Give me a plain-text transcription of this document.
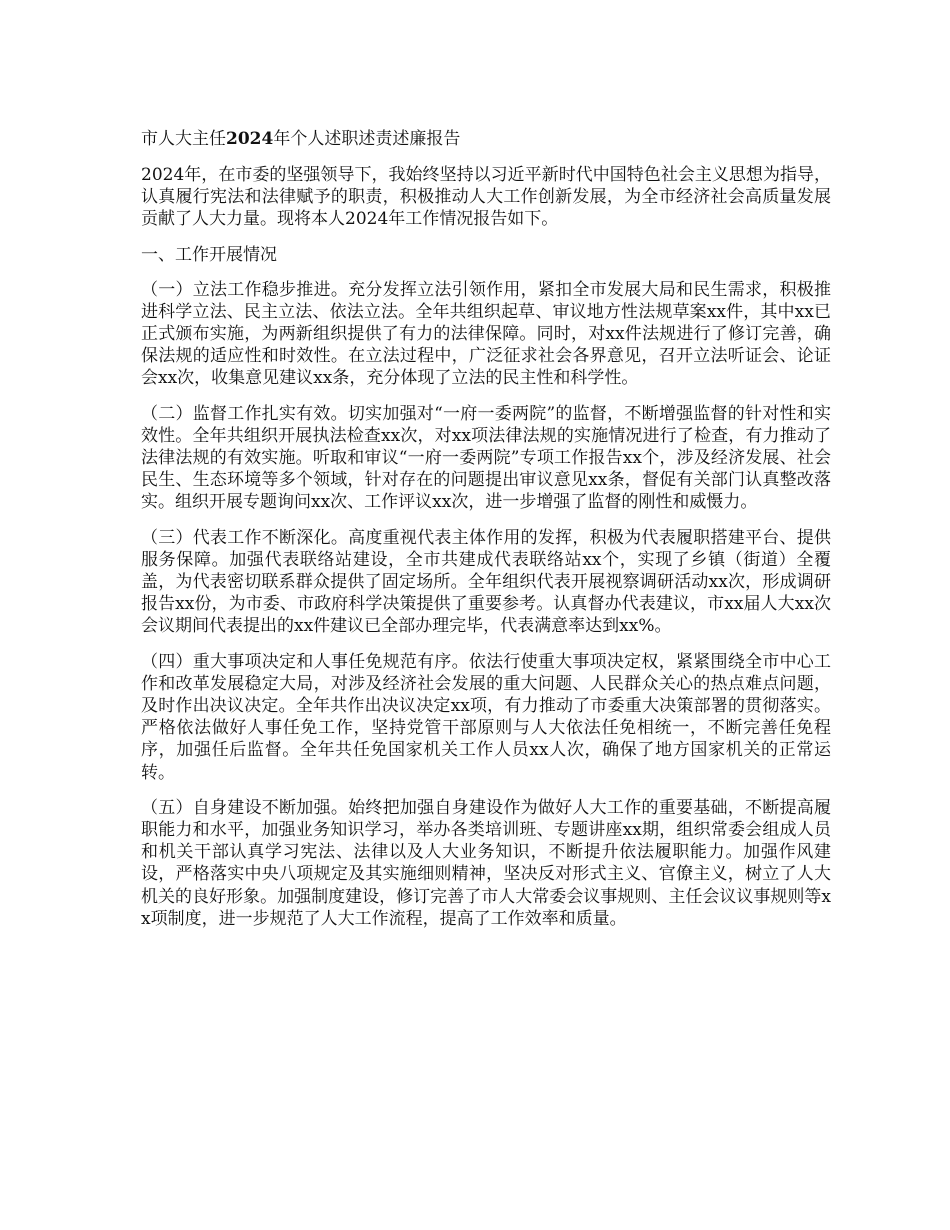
市人大主任2024年个人述职述责述廉报告

2024年，在市委的坚强领导下，我始终坚持以习近平新时代中国特色社会主义思想为指导，认真履行宪法和法律赋予的职责，积极推动人大工作创新发展，为全市经济社会高质量发展贡献了人大力量。现将本人2024年工作情况报告如下。

一、工作开展情况

（一）立法工作稳步推进。充分发挥立法引领作用，紧扣全市发展大局和民生需求，积极推进科学立法、民主立法、依法立法。全年共组织起草、审议地方性法规草案xx件，其中xx已正式颁布实施，为两新组织提供了有力的法律保障。同时，对xx件法规进行了修订完善，确保法规的适应性和时效性。在立法过程中，广泛征求社会各界意见，召开立法听证会、论证会xx次，收集意见建议xx条，充分体现了立法的民主性和科学性。

（二）监督工作扎实有效。切实加强对“一府一委两院”的监督，不断增强监督的针对性和实效性。全年共组织开展执法检查xx次，对xx项法律法规的实施情况进行了检查，有力推动了法律法规的有效实施。听取和审议“一府一委两院”专项工作报告xx个，涉及经济发展、社会民生、生态环境等多个领域，针对存在的问题提出审议意见xx条，督促有关部门认真整改落实。组织开展专题询问xx次、工作评议xx次，进一步增强了监督的刚性和威慑力。

（三）代表工作不断深化。高度重视代表主体作用的发挥，积极为代表履职搭建平台、提供服务保障。加强代表联络站建设，全市共建成代表联络站xx个，实现了乡镇（街道）全覆盖，为代表密切联系群众提供了固定场所。全年组织代表开展视察调研活动xx次，形成调研报告xx份，为市委、市政府科学决策提供了重要参考。认真督办代表建议，市xx届人大xx次会议期间代表提出的xx件建议已全部办理完毕，代表满意率达到xx%。

（四）重大事项决定和人事任免规范有序。依法行使重大事项决定权，紧紧围绕全市中心工作和改革发展稳定大局，对涉及经济社会发展的重大问题、人民群众关心的热点难点问题，及时作出决议决定。全年共作出决议决定xx项，有力推动了市委重大决策部署的贯彻落实。严格依法做好人事任免工作，坚持党管干部原则与人大依法任免相统一，不断完善任免程序，加强任后监督。全年共任免国家机关工作人员xx人次，确保了地方国家机关的正常运转。

（五）自身建设不断加强。始终把加强自身建设作为做好人大工作的重要基础，不断提高履职能力和水平，加强业务知识学习，举办各类培训班、专题讲座xx期，组织常委会组成人员和机关干部认真学习宪法、法律以及人大业务知识，不断提升依法履职能力。加强作风建设，严格落实中央八项规定及其实施细则精神，坚决反对形式主义、官僚主义，树立了人大机关的良好形象。加强制度建设，修订完善了市人大常委会议事规则、主任会议议事规则等xx项制度，进一步规范了人大工作流程，提高了工作效率和质量。
